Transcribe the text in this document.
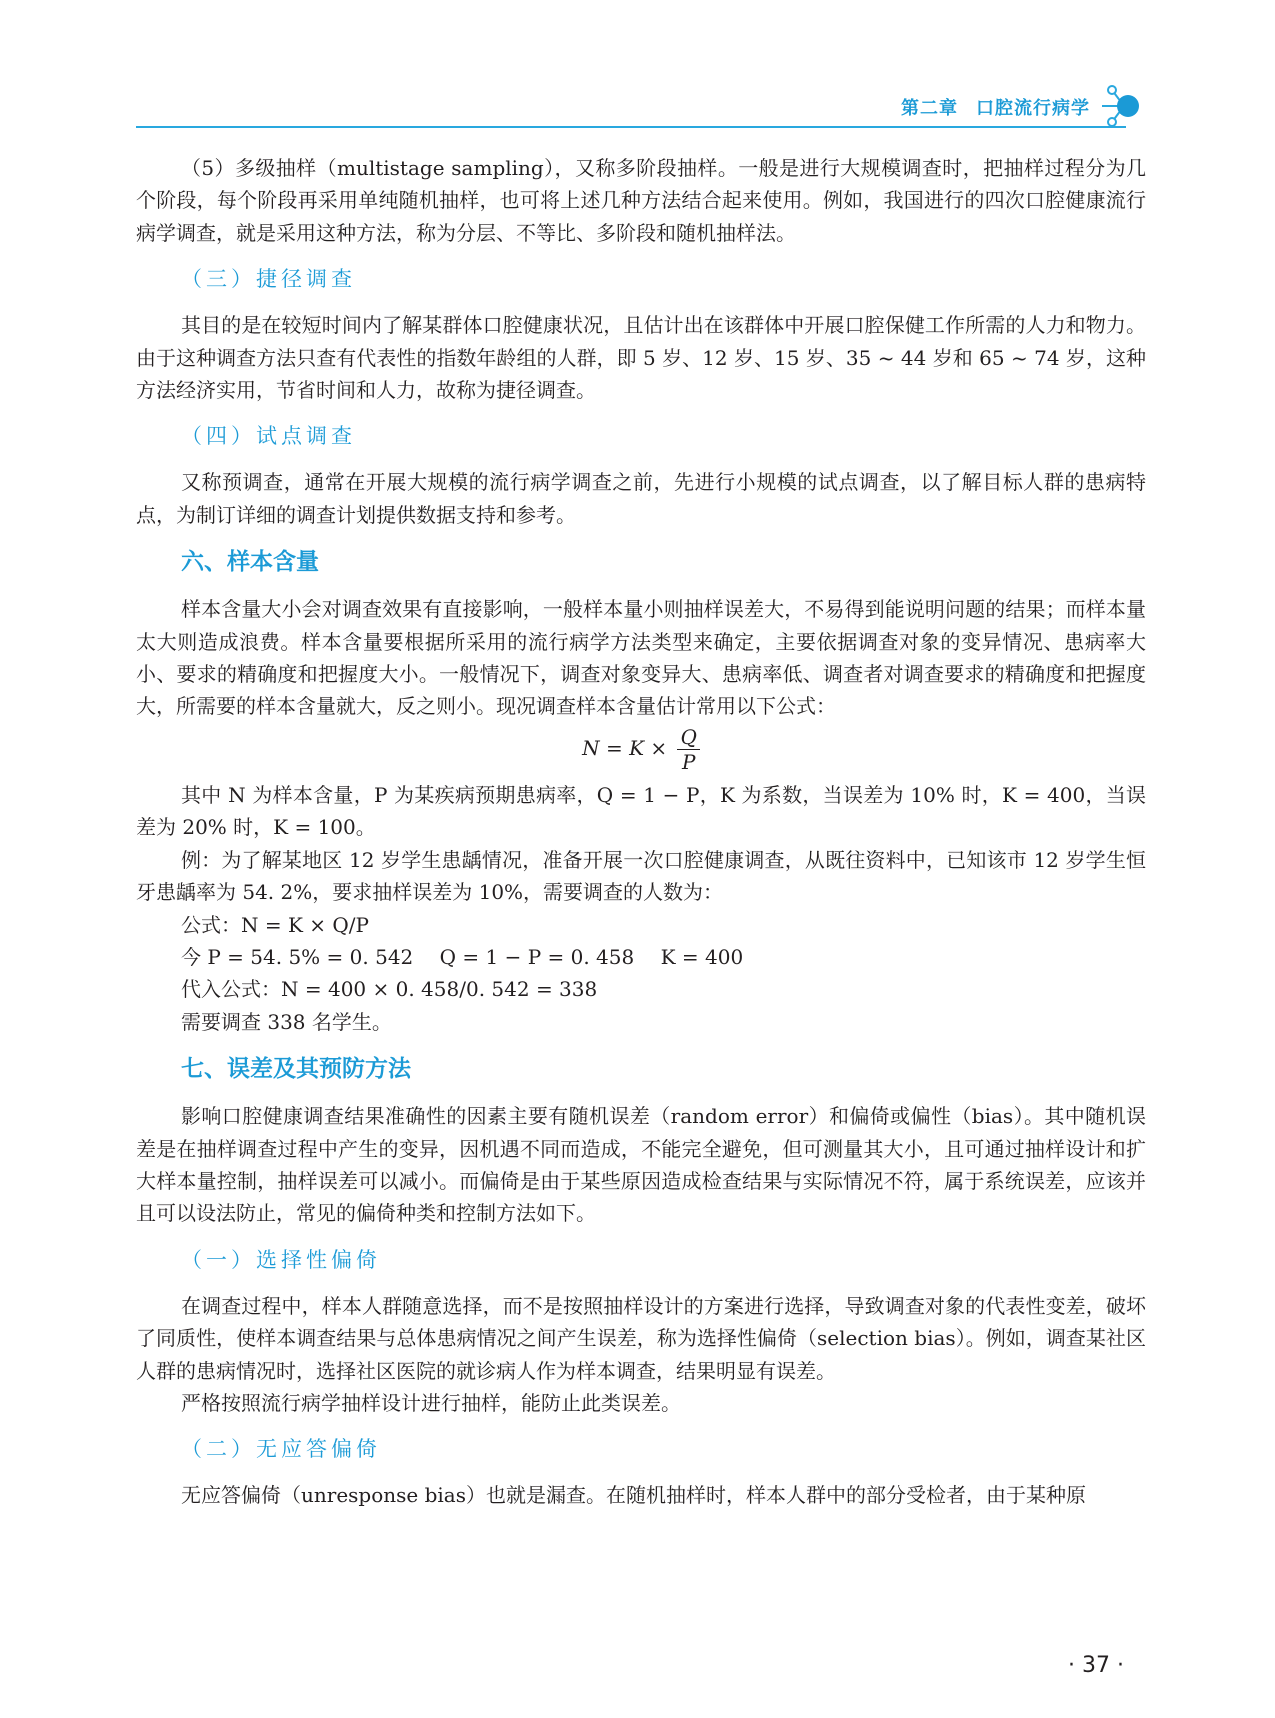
第二章 口腔流行病学

（5）多级抽样（multistage sampling），又称多阶段抽样。一般是进行大规模调查时，把抽样过程分为几个阶段，每个阶段再采用单纯随机抽样，也可将上述几种方法结合起来使用。例如，我国进行的四次口腔健康流行病学调查，就是采用这种方法，称为分层、不等比、多阶段和随机抽样法。

（三）捷径调查

其目的是在较短时间内了解某群体口腔健康状况，且估计出在该群体中开展口腔保健工作所需的人力和物力。由于这种调查方法只查有代表性的指数年龄组的人群，即 5 岁、12 岁、15 岁、35 ~ 44 岁和 65 ~ 74 岁，这种方法经济实用，节省时间和人力，故称为捷径调查。

（四）试点调查

又称预调查，通常在开展大规模的流行病学调查之前，先进行小规模的试点调查，以了解目标人群的患病特点，为制订详细的调查计划提供数据支持和参考。

六、样本含量

样本含量大小会对调查效果有直接影响，一般样本量小则抽样误差大，不易得到能说明问题的结果；而样本量太大则造成浪费。样本含量要根据所采用的流行病学方法类型来确定，主要依据调查对象的变异情况、患病率大小、要求的精确度和把握度大小。一般情况下，调查对象变异大、患病率低、调查者对调查要求的精确度和把握度大，所需要的样本含量就大，反之则小。现况调查样本含量估计常用以下公式：

$N = K \times \frac{Q}{P}$

其中 N 为样本含量，P 为某疾病预期患病率，Q = 1 − P，K 为系数，当误差为 10% 时，K = 400，当误差为 20% 时，K = 100。

例：为了解某地区 12 岁学生患龋情况，准备开展一次口腔健康调查，从既往资料中，已知该市 12 岁学生恒牙患龋率为 54. 2%，要求抽样误差为 10%，需要调查的人数为：

公式：N = K × Q/P

今 P = 54. 5% = 0. 542　 Q = 1 − P = 0. 458　 K = 400

代入公式：N = 400 × 0. 458/0. 542 = 338

需要调查 338 名学生。

七、误差及其预防方法

影响口腔健康调查结果准确性的因素主要有随机误差（random error）和偏倚或偏性（bias）。其中随机误差是在抽样调查过程中产生的变异，因机遇不同而造成，不能完全避免，但可测量其大小，且可通过抽样设计和扩大样本量控制，抽样误差可以减小。而偏倚是由于某些原因造成检查结果与实际情况不符，属于系统误差，应该并且可以设法防止，常见的偏倚种类和控制方法如下。

（一）选择性偏倚

在调查过程中，样本人群随意选择，而不是按照抽样设计的方案进行选择，导致调查对象的代表性变差，破坏了同质性，使样本调查结果与总体患病情况之间产生误差，称为选择性偏倚（selection bias）。例如，调查某社区人群的患病情况时，选择社区医院的就诊病人作为样本调查，结果明显有误差。

严格按照流行病学抽样设计进行抽样，能防止此类误差。

（二）无应答偏倚

无应答偏倚（unresponse bias）也就是漏查。在随机抽样时，样本人群中的部分受检者，由于某种原

· 37 ·
